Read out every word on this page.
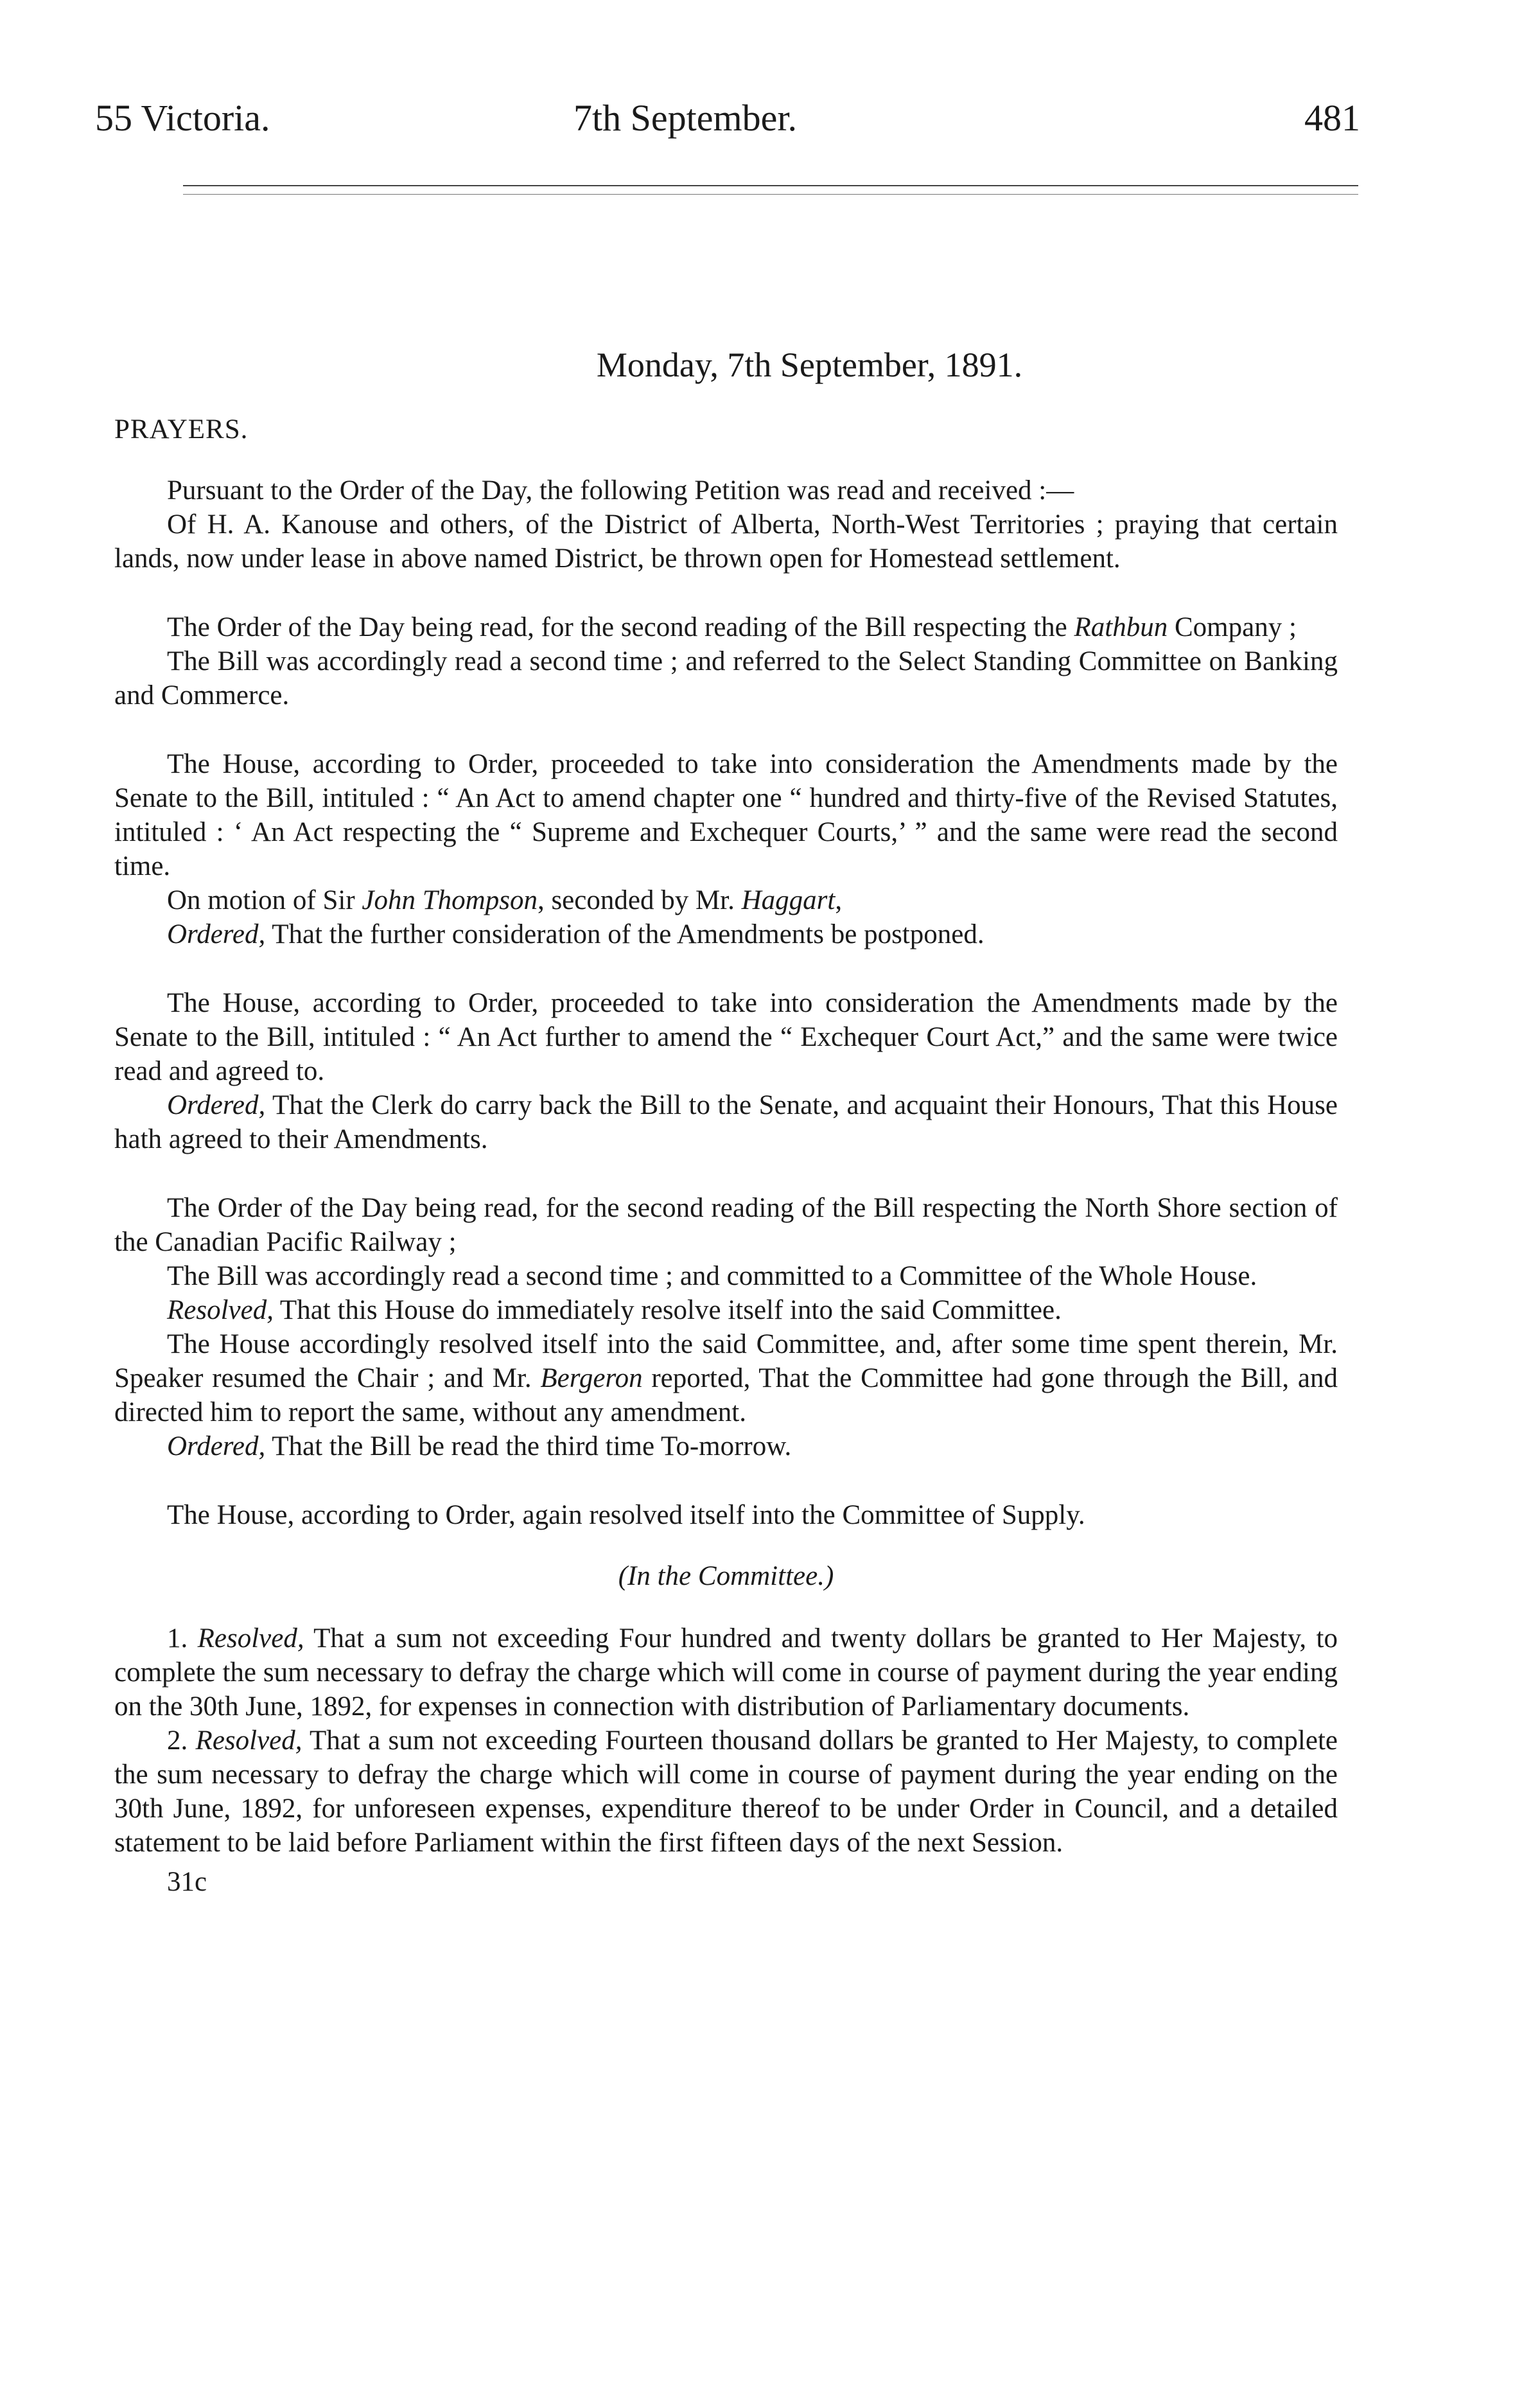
55 Victoria.	7th September.	481
Monday, 7th September, 1891.

PRAYERS.

Pursuant to the Order of the Day, the following Petition was read and received :—

Of H. A. Kanouse and others, of the District of Alberta, North-West Territories ; praying that certain lands, now under lease in above named District, be thrown open for Homestead settlement.

The Order of the Day being read, for the second reading of the Bill respecting the Rathbun Company ;

The Bill was accordingly read a second time ; and referred to the Select Standing Committee on Banking and Commerce.

The House, according to Order, proceeded to take into consideration the Amendments made by the Senate to the Bill, intituled : “ An Act to amend chapter one “ hundred and thirty-five of the Revised Statutes, intituled : ‘ An Act respecting the “ Supreme and Exchequer Courts,’ ” and the same were read the second time.

On motion of Sir John Thompson, seconded by Mr. Haggart,

Ordered, That the further consideration of the Amendments be postponed.

The House, according to Order, proceeded to take into consideration the Amendments made by the Senate to the Bill, intituled : “ An Act further to amend the “ Exchequer Court Act,” and the same were twice read and agreed to.

Ordered, That the Clerk do carry back the Bill to the Senate, and acquaint their Honours, That this House hath agreed to their Amendments.

The Order of the Day being read, for the second reading of the Bill respecting the North Shore section of the Canadian Pacific Railway ;

The Bill was accordingly read a second time ; and committed to a Committee of the Whole House.

Resolved, That this House do immediately resolve itself into the said Committee.

The House accordingly resolved itself into the said Committee, and, after some time spent therein, Mr. Speaker resumed the Chair ; and Mr. Bergeron reported, That the Committee had gone through the Bill, and directed him to report the same, without any amendment.

Ordered, That the Bill be read the third time To-morrow.

The House, according to Order, again resolved itself into the Committee of Supply.

(In the Committee.)

1. Resolved, That a sum not exceeding Four hundred and twenty dollars be granted to Her Majesty, to complete the sum necessary to defray the charge which will come in course of payment during the year ending on the 30th June, 1892, for expenses in connection with distribution of Parliamentary documents.

2. Resolved, That a sum not exceeding Fourteen thousand dollars be granted to Her Majesty, to complete the sum necessary to defray the charge which will come in course of payment during the year ending on the 30th June, 1892, for unforeseen expenses, expenditure thereof to be under Order in Council, and a detailed statement to be laid before Parliament within the first fifteen days of the next Session.

31c
